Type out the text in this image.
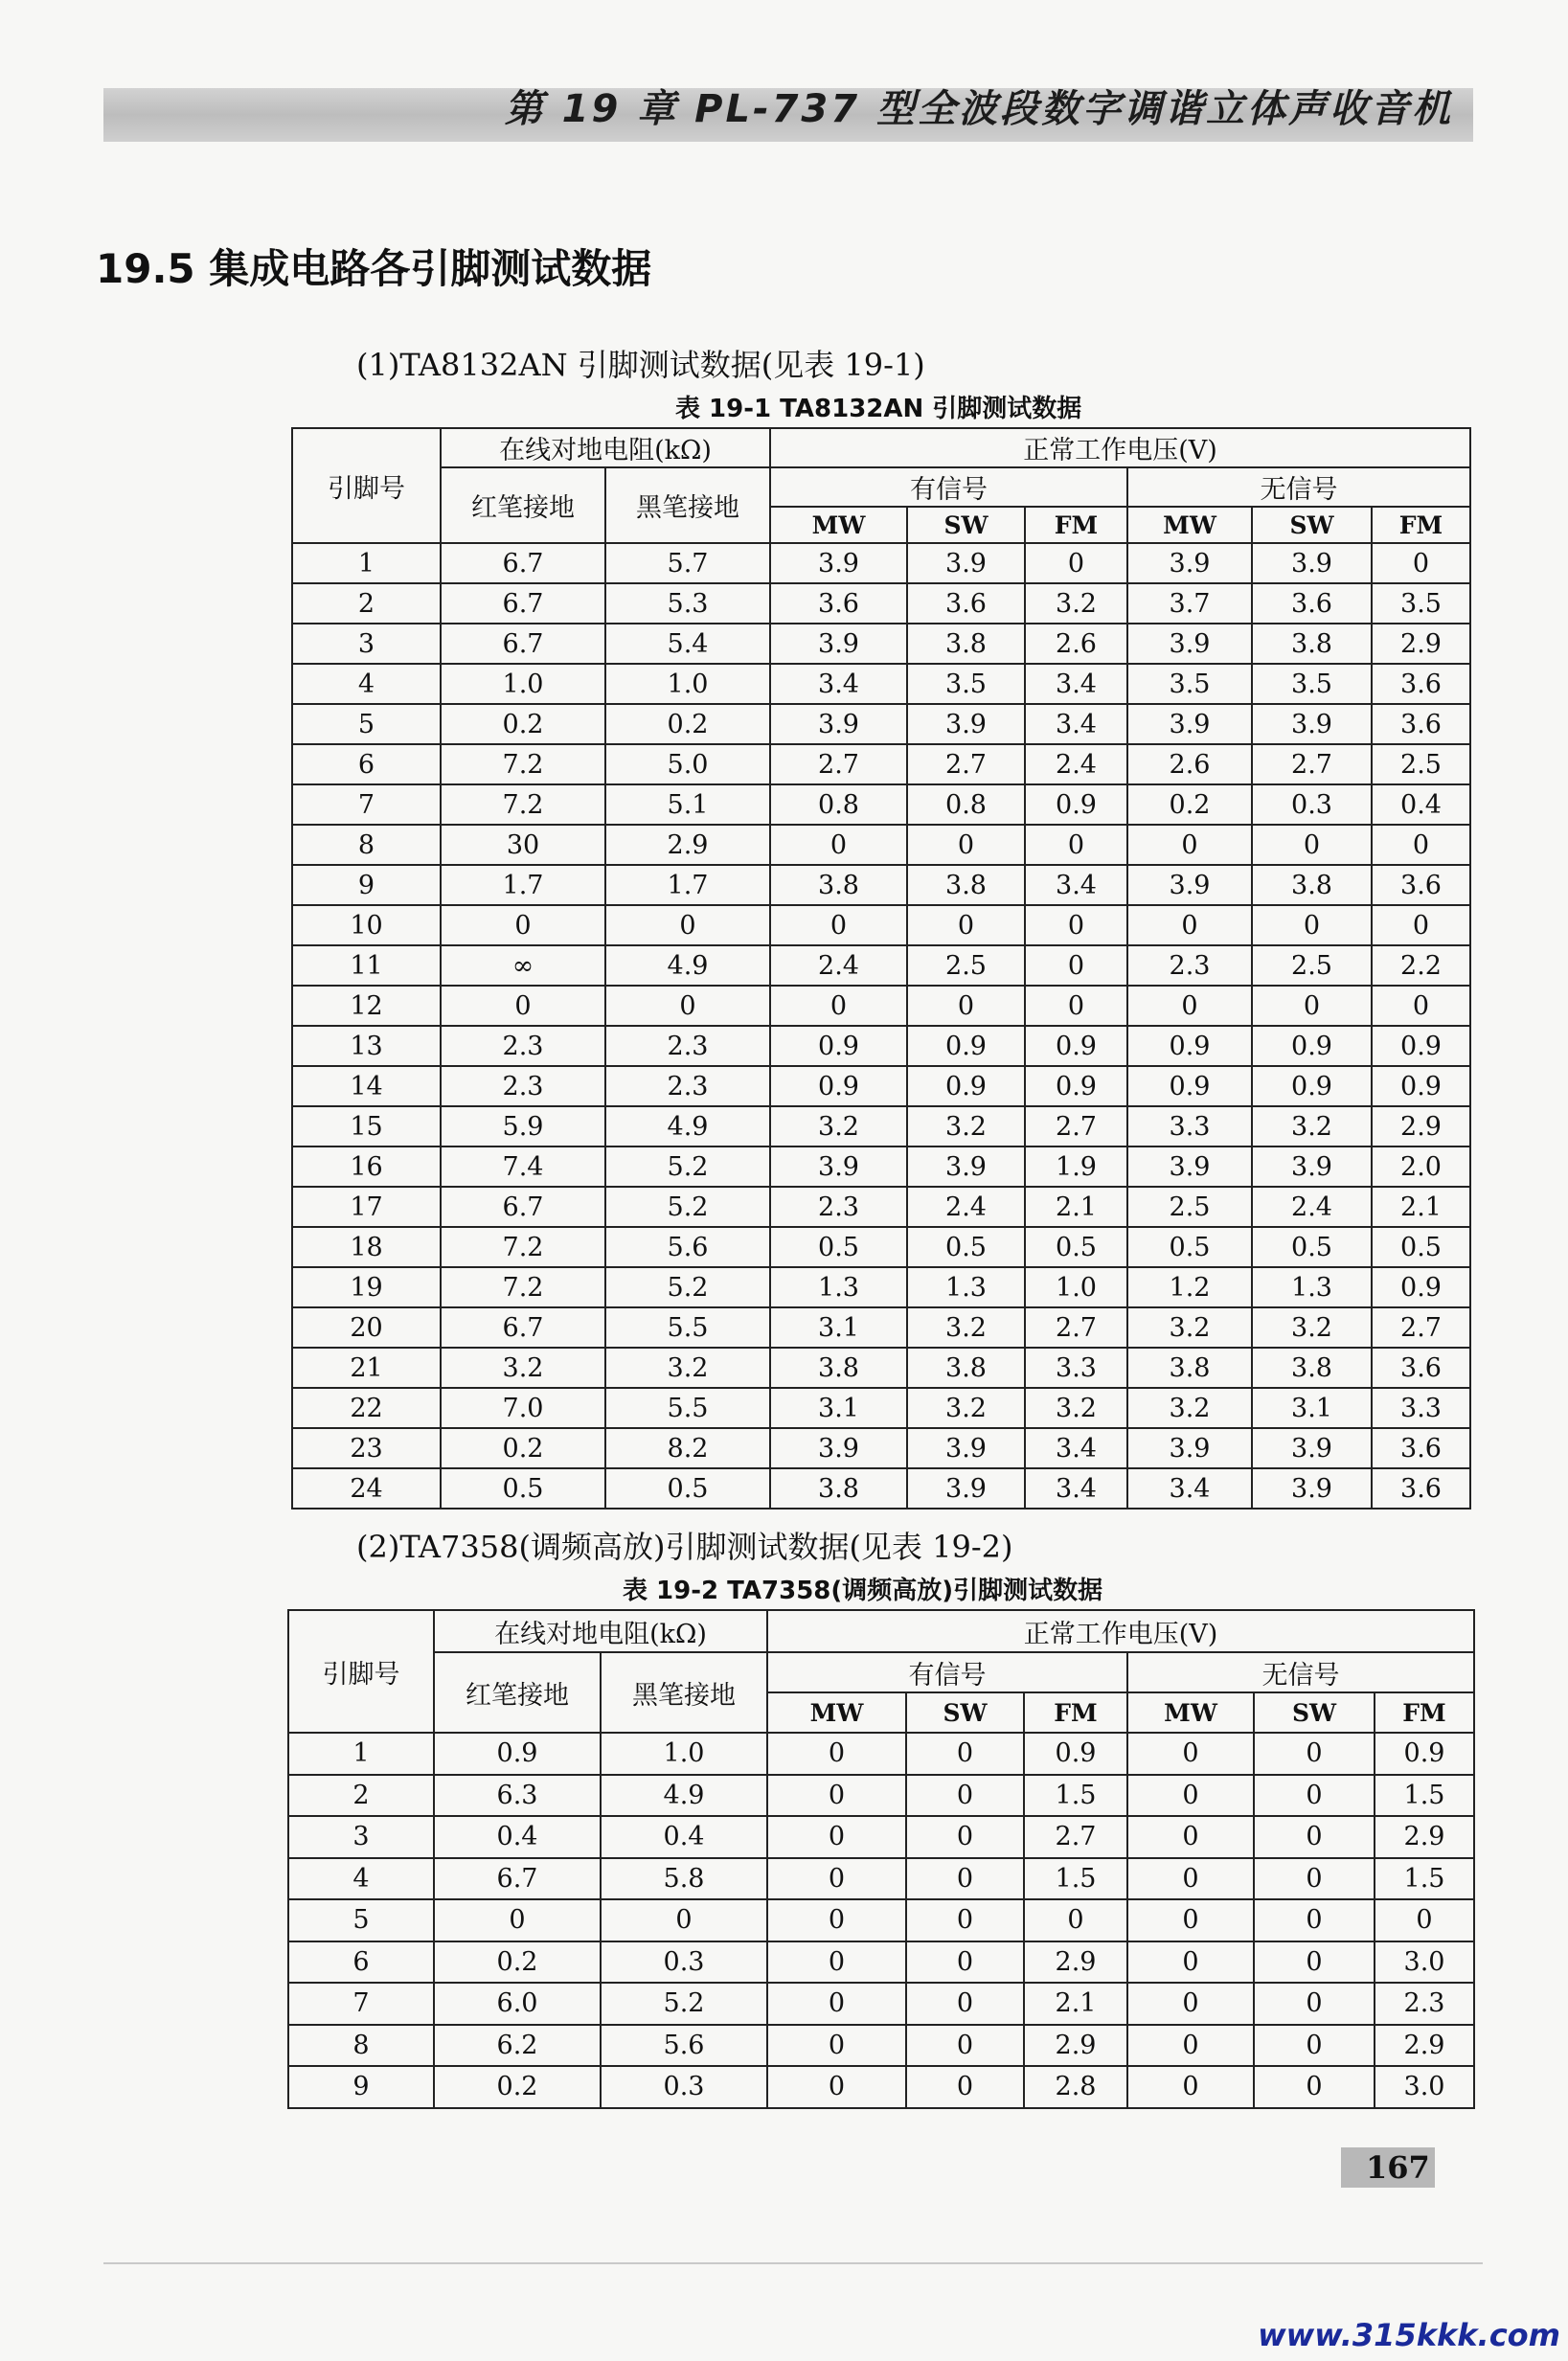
第 19 章 PL-737 型全波段数字调谐立体声收音机
19.5 集成电路各引脚测试数据
(1)TA8132AN 引脚测试数据(见表 19-1)
表 19-1 TA8132AN 引脚测试数据
引脚号	在线对地电阻(kΩ)		正常工作电压(V)					
	红笔接地	黑笔接地	有信号			无信号		
			MW	SW	FM	MW	SW	FM
1	6.7	5.7	3.9	3.9	0	3.9	3.9	0
2	6.7	5.3	3.6	3.6	3.2	3.7	3.6	3.5
3	6.7	5.4	3.9	3.8	2.6	3.9	3.8	2.9
4	1.0	1.0	3.4	3.5	3.4	3.5	3.5	3.6
5	0.2	0.2	3.9	3.9	3.4	3.9	3.9	3.6
6	7.2	5.0	2.7	2.7	2.4	2.6	2.7	2.5
7	7.2	5.1	0.8	0.8	0.9	0.2	0.3	0.4
8	30	2.9	0	0	0	0	0	0
9	1.7	1.7	3.8	3.8	3.4	3.9	3.8	3.6
10	0	0	0	0	0	0	0	0
11	∞	4.9	2.4	2.5	0	2.3	2.5	2.2
12	0	0	0	0	0	0	0	0
13	2.3	2.3	0.9	0.9	0.9	0.9	0.9	0.9
14	2.3	2.3	0.9	0.9	0.9	0.9	0.9	0.9
15	5.9	4.9	3.2	3.2	2.7	3.3	3.2	2.9
16	7.4	5.2	3.9	3.9	1.9	3.9	3.9	2.0
17	6.7	5.2	2.3	2.4	2.1	2.5	2.4	2.1
18	7.2	5.6	0.5	0.5	0.5	0.5	0.5	0.5
19	7.2	5.2	1.3	1.3	1.0	1.2	1.3	0.9
20	6.7	5.5	3.1	3.2	2.7	3.2	3.2	2.7
21	3.2	3.2	3.8	3.8	3.3	3.8	3.8	3.6
22	7.0	5.5	3.1	3.2	3.2	3.2	3.1	3.3
23	0.2	8.2	3.9	3.9	3.4	3.9	3.9	3.6
24	0.5	0.5	3.8	3.9	3.4	3.4	3.9	3.6
(2)TA7358(调频高放)引脚测试数据(见表 19-2)
表 19-2 TA7358(调频高放)引脚测试数据
引脚号	在线对地电阻(kΩ)		正常工作电压(V)					
	红笔接地	黑笔接地	有信号			无信号		
			MW	SW	FM	MW	SW	FM
1	0.9	1.0	0	0	0.9	0	0	0.9
2	6.3	4.9	0	0	1.5	0	0	1.5
3	0.4	0.4	0	0	2.7	0	0	2.9
4	6.7	5.8	0	0	1.5	0	0	1.5
5	0	0	0	0	0	0	0	0
6	0.2	0.3	0	0	2.9	0	0	3.0
7	6.0	5.2	0	0	2.1	0	0	2.3
8	6.2	5.6	0	0	2.9	0	0	2.9
9	0.2	0.3	0	0	2.8	0	0	3.0
167
www.315kkk.com
